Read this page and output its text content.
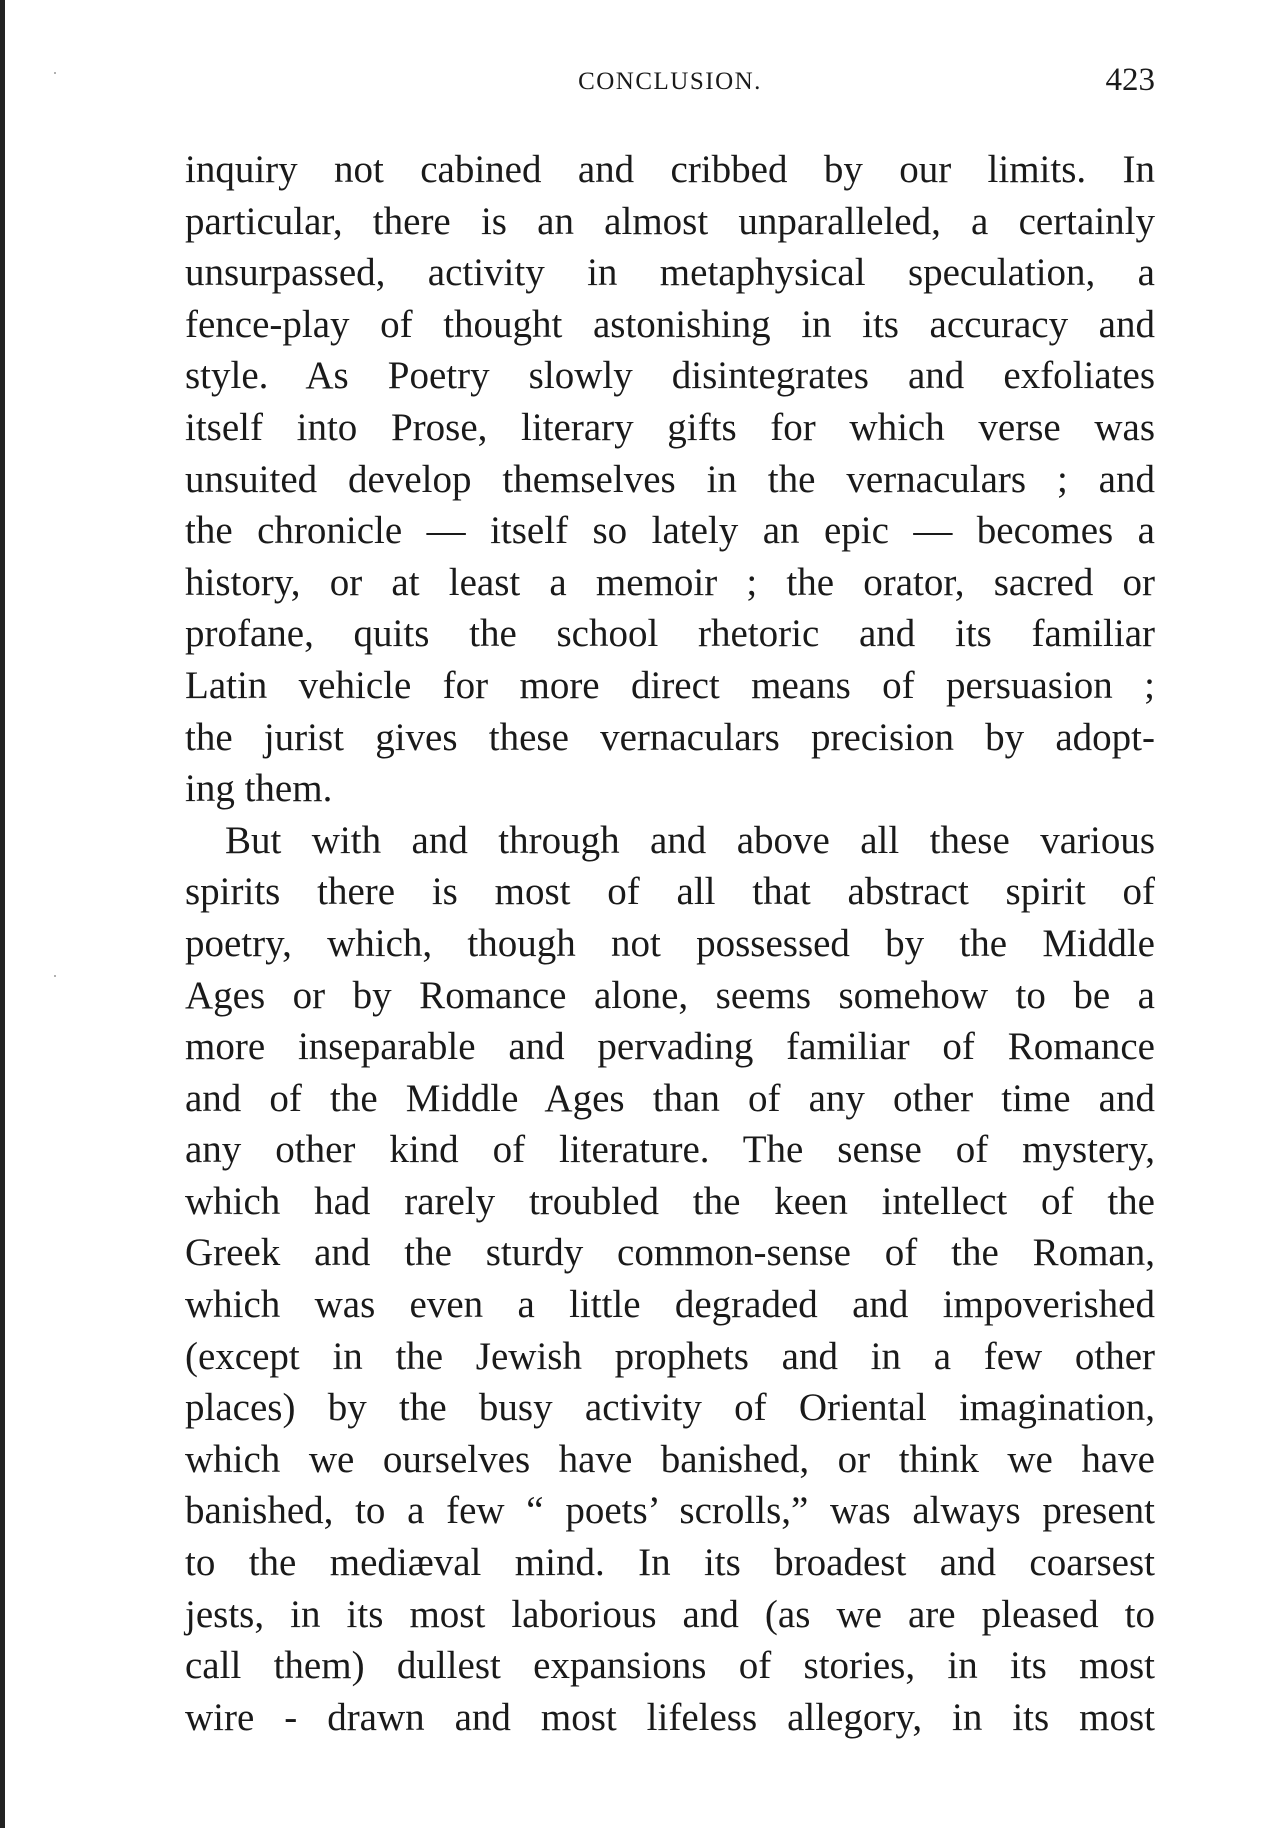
CONCLUSION.	423
inquiry not cabined and cribbed by our limits. In
particular, there is an almost unparalleled, a certainly
unsurpassed, activity in metaphysical speculation, a
fence-play of thought astonishing in its accuracy and
style. As Poetry slowly disintegrates and exfoliates
itself into Prose, literary gifts for which verse was
unsuited develop themselves in the vernaculars ; and
the chronicle — itself so lately an epic — becomes a
history, or at least a memoir ; the orator, sacred or
profane, quits the school rhetoric and its familiar
Latin vehicle for more direct means of persuasion ;
the jurist gives these vernaculars precision by adopt-
ing them.
But with and through and above all these various
spirits there is most of all that abstract spirit of
poetry, which, though not possessed by the Middle
Ages or by Romance alone, seems somehow to be a
more inseparable and pervading familiar of Romance
and of the Middle Ages than of any other time and
any other kind of literature. The sense of mystery,
which had rarely troubled the keen intellect of the
Greek and the sturdy common-sense of the Roman,
which was even a little degraded and impoverished
(except in the Jewish prophets and in a few other
places) by the busy activity of Oriental imagination,
which we ourselves have banished, or think we have
banished, to a few “ poets’ scrolls,” was always present
to the mediæval mind. In its broadest and coarsest
jests, in its most laborious and (as we are pleased to
call them) dullest expansions of stories, in its most
wire - drawn and most lifeless allegory, in its most
